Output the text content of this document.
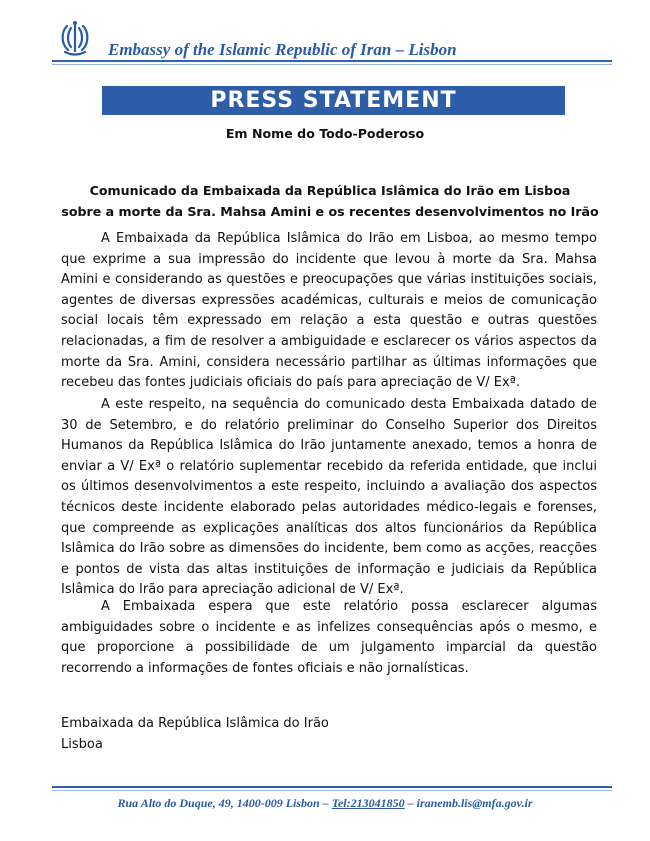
Embassy of the Islamic Republic of Iran – Lisbon
PRESS STATEMENT
Em Nome do Todo-Poderoso
Comunicado da Embaixada da República Islâmica do Irão em Lisboa
sobre a morte da Sra. Mahsa Amini e os recentes desenvolvimentos no Irão

A Embaixada da República Islâmica do Irão em Lisboa, ao mesmo tempo que exprime a sua impressão do incidente que levou à morte da Sra. Mahsa Amini e considerando as questões e preocupações que várias instituições sociais, agentes de diversas expressões académicas, culturais e meios de comunicação social locais têm expressado em relação a esta questão e outras questões relacionadas, a fim de resolver a ambiguidade e esclarecer os vários aspectos da morte da Sra. Amini, considera necessário partilhar as últimas informações que recebeu das fontes judiciais oficiais do país para apreciação de V/ Exª.

A este respeito, na sequência do comunicado desta Embaixada datado de 30 de Setembro, e do relatório preliminar do Conselho Superior dos Direitos Humanos da República Islâmica do Irão juntamente anexado, temos a honra de enviar a V/ Exª o relatório suplementar recebido da referida entidade, que inclui os últimos desenvolvimentos a este respeito, incluindo a avaliação dos aspectos técnicos deste incidente elaborado pelas autoridades médico-legais e forenses, que compreende as explicações analíticas dos altos funcionários da República Islâmica do Irão sobre as dimensões do incidente, bem como as acções, reacções e pontos de vista das altas instituições de informação e judiciais da República Islâmica do Irão para apreciação adicional de V/ Exª.

A Embaixada espera que este relatório possa esclarecer algumas ambiguidades sobre o incidente e as infelizes consequências após o mesmo, e que proporcione a possibilidade de um julgamento imparcial da questão recorrendo a informações de fontes oficiais e não jornalísticas.

Embaixada da República Islâmica do Irão
Lisboa
Rua Alto do Duque, 49, 1400-009 Lisbon – Tel:213041850 – iranemb.lis@mfa.gov.ir
